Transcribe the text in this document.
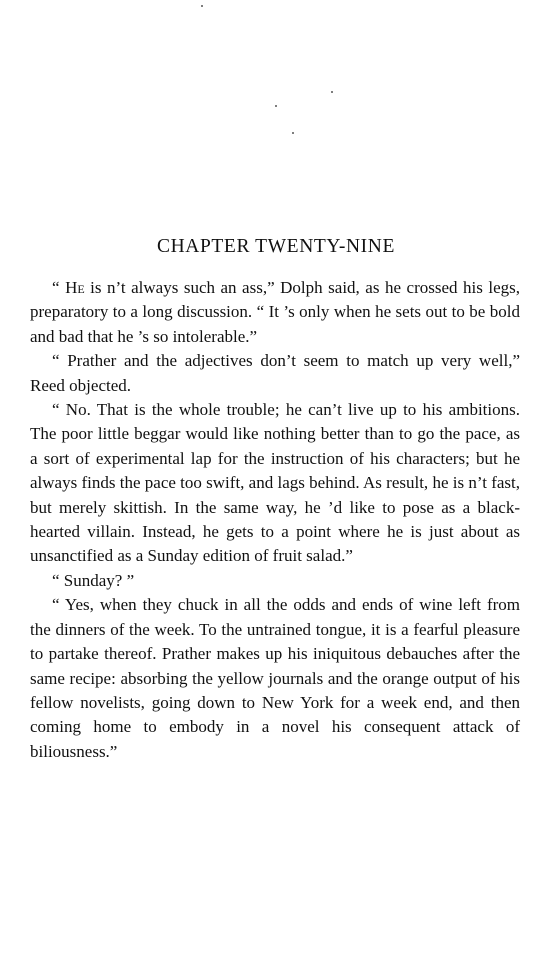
CHAPTER TWENTY-NINE

“ He is n’t always such an ass,” Dolph said, as he crossed his legs, preparatory to a long discussion. “ It ’s only when he sets out to be bold and bad that he ’s so intolerable.”

“ Prather and the adjectives don’t seem to match up very well,” Reed objected.

“ No. That is the whole trouble; he can’t live up to his ambitions. The poor little beggar would like nothing better than to go the pace, as a sort of experimental lap for the instruction of his characters; but he always finds the pace too swift, and lags behind. As result, he is n’t fast, but merely skittish. In the same way, he ’d like to pose as a black-hearted villain. Instead, he gets to a point where he is just about as unsanctified as a Sunday edition of fruit salad.”

“ Sunday? ”

“ Yes, when they chuck in all the odds and ends of wine left from the dinners of the week. To the untrained tongue, it is a fearful pleasure to partake thereof. Prather makes up his iniquitous debauches after the same recipe: absorbing the yellow journals and the orange output of his fellow novelists, going down to New York for a week end, and then coming home to embody in a novel his consequent attack of biliousness.”
